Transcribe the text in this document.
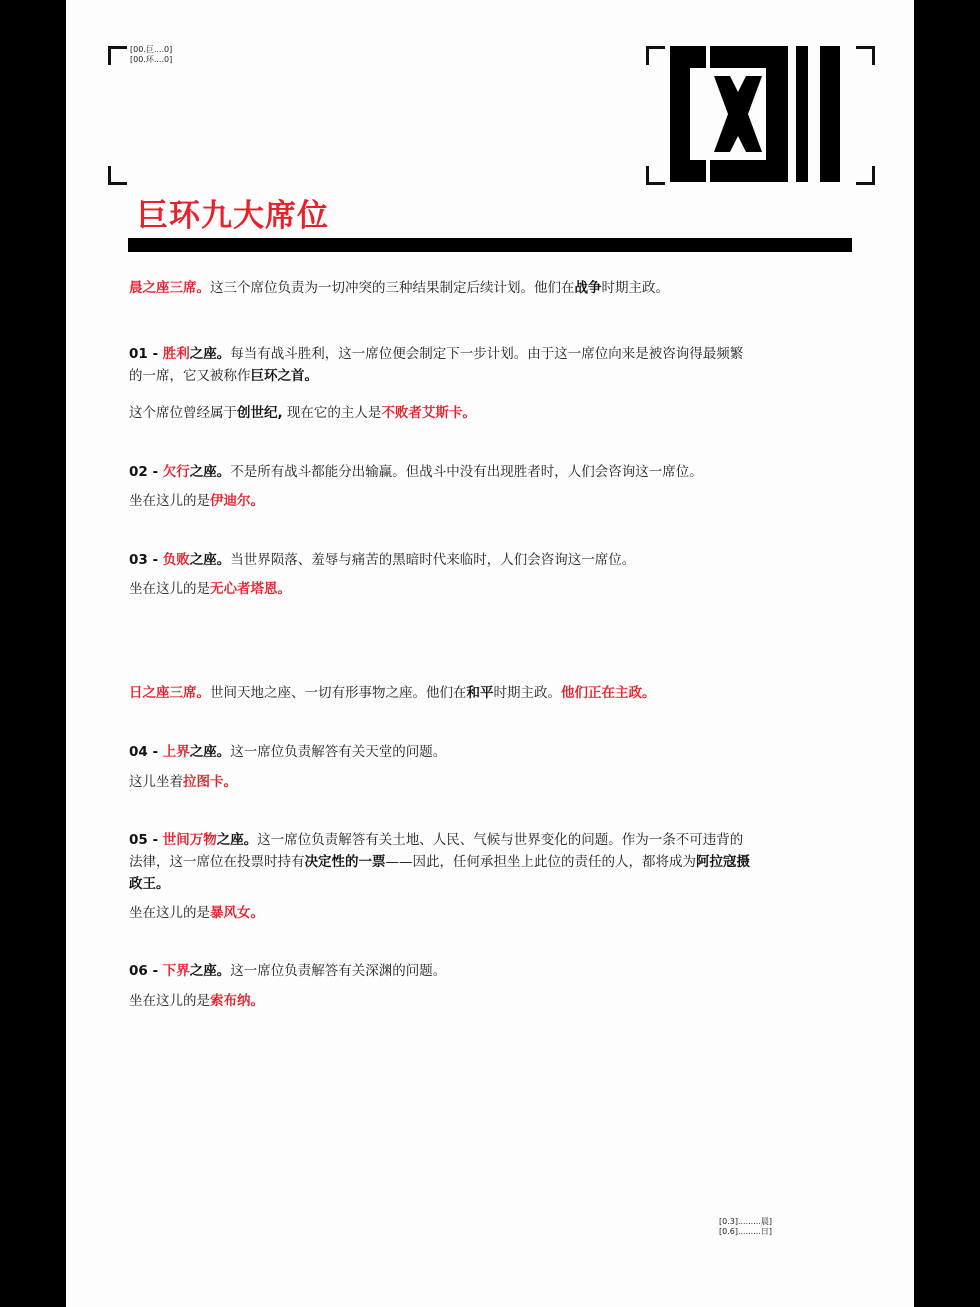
[00.巨....0]
[00.环....0]
巨环九大席位

晨之座三席。这三个席位负责为一切冲突的三种结果制定后续计划。他们在战争时期主政。

01 - 胜利之座。每当有战斗胜利，这一席位便会制定下一步计划。由于这一席位向来是被咨询得最频繁的一席，它又被称作巨环之首。

这个席位曾经属于创世纪, 现在它的主人是不败者艾斯卡。

02 - 欠行之座。不是所有战斗都能分出输赢。但战斗中没有出现胜者时，人们会咨询这一席位。

坐在这儿的是伊迪尔。

03 - 负败之座。当世界陨落、羞辱与痛苦的黑暗时代来临时，人们会咨询这一席位。

坐在这儿的是无心者塔恩。

日之座三席。世间天地之座、一切有形事物之座。他们在和平时期主政。他们正在主政。

04 - 上界之座。这一席位负责解答有关天堂的问题。

这儿坐着拉图卡。

05 - 世间万物之座。这一席位负责解答有关土地、人民、气候与世界变化的问题。作为一条不可违背的法律，这一席位在投票时持有决定性的一票——因此，任何承担坐上此位的责任的人，都将成为阿拉寇摄政王。

坐在这儿的是暴风女。

06 - 下界之座。这一席位负责解答有关深渊的问题。

坐在这儿的是索布纳。

[0.3].........晨]
[0.6].........日]
